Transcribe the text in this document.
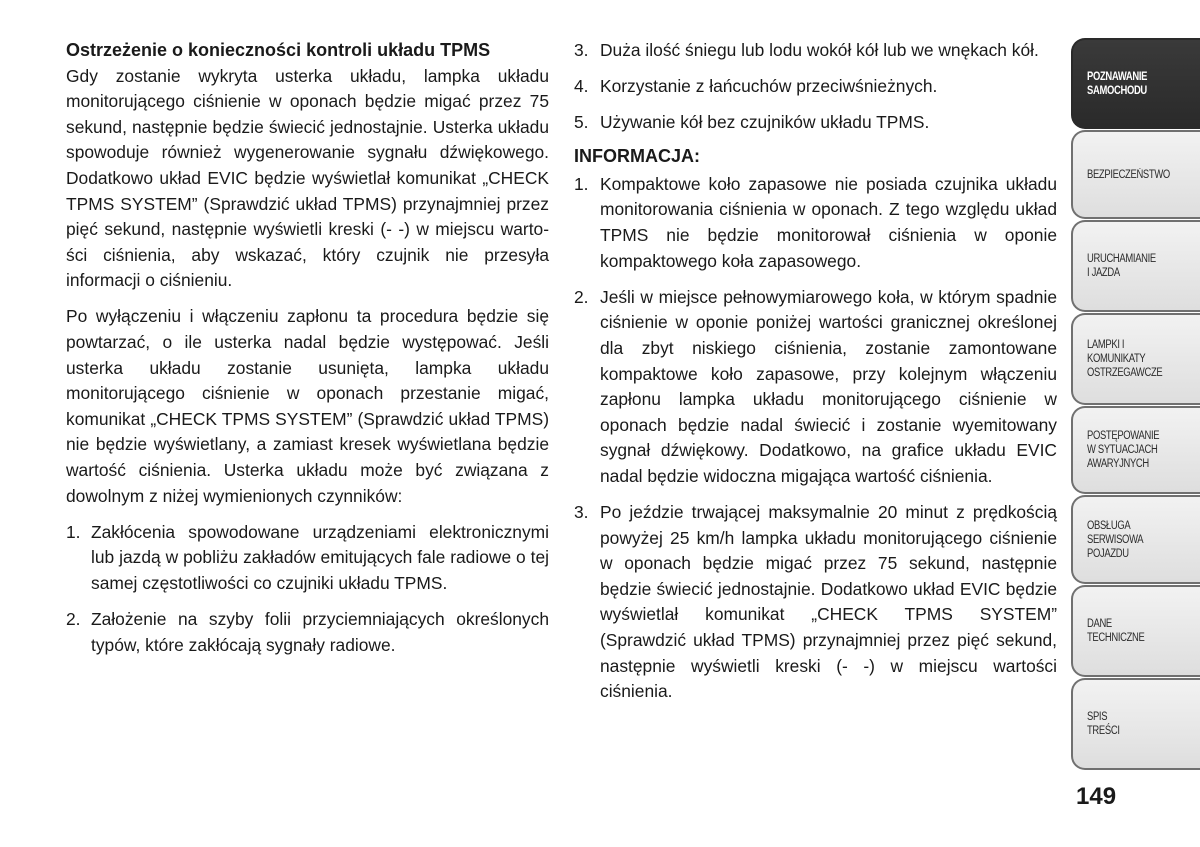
Ostrzeżenie o konieczności kontroli układu TPMS

Gdy zostanie wykryta usterka układu, lampka układu monitorującego ciśnienie w oponach będzie migać przez 75 sekund, następnie będzie świecić jednostajnie. Usterka układu spowoduje również wygenerowanie sygnału dźwiękowego. Dodatkowo układ EVIC będzie wyświetlał komunikat „CHECK TPMS SYSTEM” (Sprawdzić układ TPMS) przynajmniej przez pięć sekund, następnie wyświetli kreski (- -) w miejscu wartości ciśnienia, aby wskazać, który czujnik nie przesyła informacji o ciśnieniu.

Po wyłączeniu i włączeniu zapłonu ta procedura będzie się powtarzać, o ile usterka nadal będzie występować. Jeśli usterka układu zostanie usunięta, lampka układu monitorującego ciśnienie w oponach przestanie migać, komunikat „CHECK TPMS SYSTEM” (Sprawdzić układ TPMS) nie będzie wyświetlany, a zamiast kresek wyświetlana będzie wartość ciśnienia. Usterka układu może być związana z dowolnym z niżej wymienionych czynników:

1. Zakłócenia spowodowane urządzeniami elektronicznymi lub jazdą w pobliżu zakładów emitujących fale radiowe o tej samej częstotliwości co czujniki układu TPMS.
2. Założenie na szyby folii przyciemniających określonych typów, które zakłócają sygnały radiowe.
3. Duża ilość śniegu lub lodu wokół kół lub we wnękach kół.
4. Korzystanie z łańcuchów przeciwśnieżnych.
5. Używanie kół bez czujników układu TPMS.

INFORMACJA:

1. Kompaktowe koło zapasowe nie posiada czujnika układu monitorowania ciśnienia w oponach. Z tego względu układ TPMS nie będzie monitorował ciśnienia w oponie kompaktowego koła zapasowego.
2. Jeśli w miejsce pełnowymiarowego koła, w którym spadnie ciśnienie w oponie poniżej wartości granicznej określonej dla zbyt niskiego ciśnienia, zostanie zamontowane kompaktowe koło zapasowe, przy kolejnym włączeniu zapłonu lampka układu monitorującego ciśnienie w oponach będzie nadal świecić i zostanie wyemitowany sygnał dźwiękowy. Dodatkowo, na grafice układu EVIC nadal będzie widoczna migająca wartość ciśnienia.
3. Po jeździe trwającej maksymalnie 20 minut z prędkością powyżej 25 km/h lampka układu monitorującego ciśnienie w oponach będzie migać przez 75 sekund, następnie będzie świecić jednostajnie. Dodatkowo układ EVIC będzie wyświetlał komunikat „CHECK TPMS SYSTEM” (Sprawdzić układ TPMS) przynajmniej przez pięć sekund, następnie wyświetli kreski (- -) w miejscu wartości ciśnienia.
POZNAWANIE
SAMOCHODU
BEZPIECZEŃSTWO
URUCHAMIANIE
I JAZDA
LAMPKI I
KOMUNIKATY
OSTRZEGAWCZE
POSTĘPOWANIE
W SYTUACJACH
AWARYJNYCH
OBSŁUGA
SERWISOWA
POJAZDU
DANE
TECHNICZNE
SPIS
TREŚCI
149
